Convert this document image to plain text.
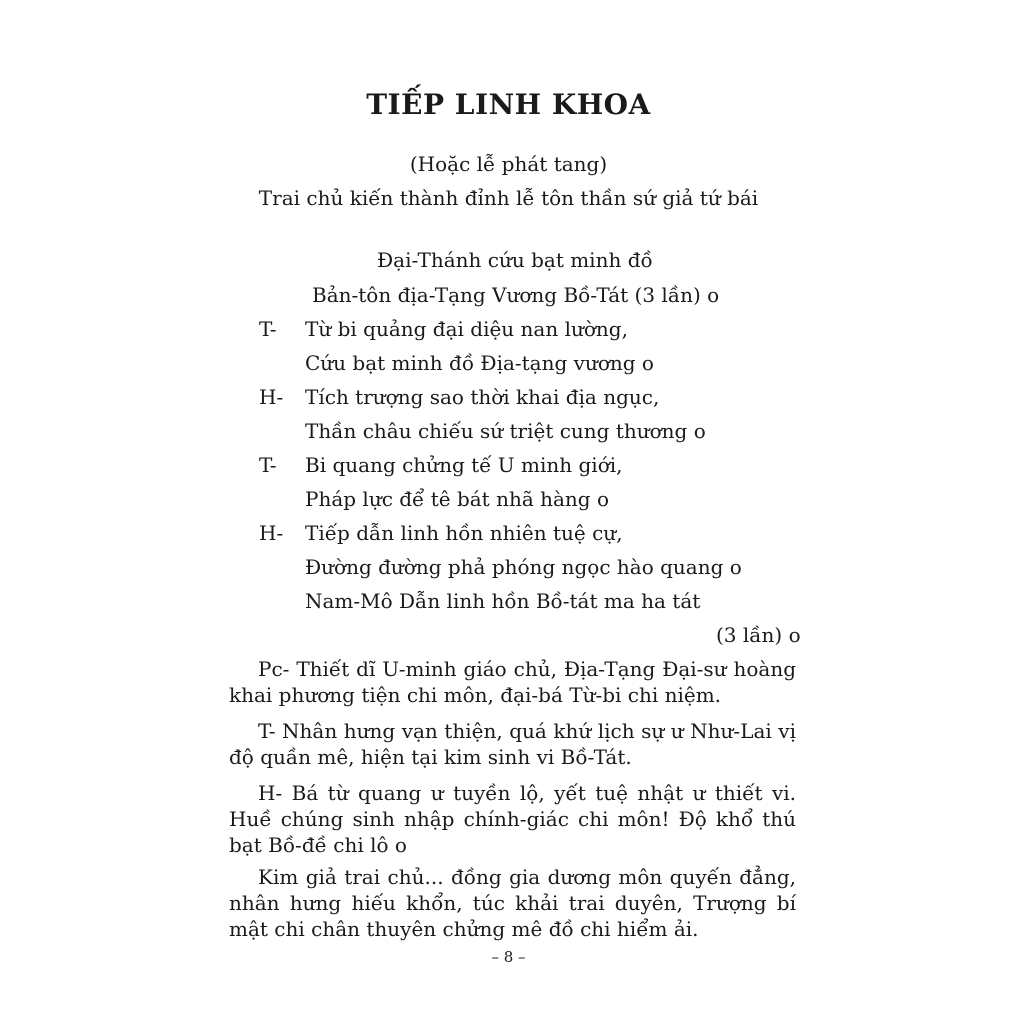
TIẾP LINH KHOA
(Hoặc lễ phát tang)
Trai chủ kiến thành đỉnh lễ tôn thần sứ giả tứ bái
Đại-Thánh cứu bạt minh đồ
Bản-tôn địa-Tạng Vương Bồ-Tát (3 lần) o
T- Từ bi quảng đại diệu nan lường,
Cứu bạt minh đồ Địa-tạng vương o
H- Tích trượng sao thời khai địa ngục,
Thần châu chiếu sứ triệt cung thương o
T- Bi quang chửng tế U minh giới,
Pháp lực để tê bát nhã hàng o
H- Tiếp dẫn linh hồn nhiên tuệ cự,
Đường đường phả phóng ngọc hào quang o
Nam-Mô Dẫn linh hồn Bồ-tát ma ha tát
(3 lần) o
Pc- Thiết dĩ U-minh giáo chủ, Địa-Tạng Đại-sư hoàng khai phương tiện chi môn, đại-bá Từ-bi chi niệm.
T- Nhân hưng vạn thiện, quá khứ lịch sự ư Như-Lai vị độ quần mê, hiện tại kim sinh vi Bồ-Tát.
H- Bá từ quang ư tuyền lộ, yết tuệ nhật ư thiết vi. Huề chúng sinh nhập chính-giác chi môn! Độ khổ thú bạt Bồ-đề chi lô o
Kim giả trai chủ... đồng gia dương môn quyến đẳng, nhân hưng hiếu khổn, túc khải trai duyên, Trượng bí mật chi chân thuyên chửng mê đồ chi hiểm ải.
– 8 –
